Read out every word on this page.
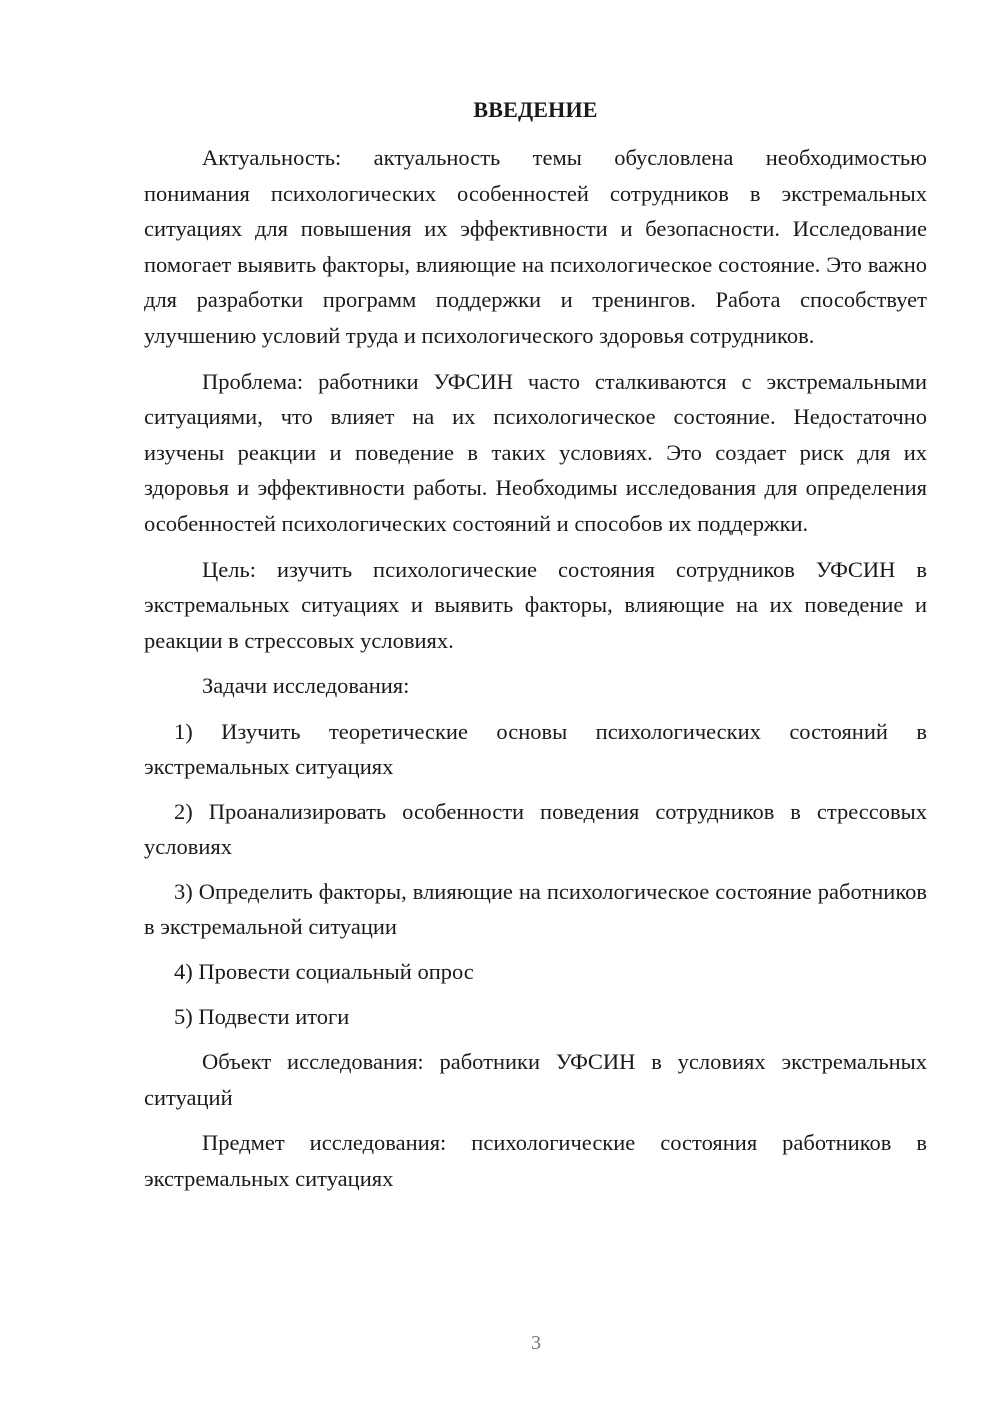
ВВЕДЕНИЕ

Актуальность: актуальность темы обусловлена необходимостью понимания психологических особенностей сотрудников в экстремальных ситуациях для повышения их эффективности и безопасности. Исследование помогает выявить факторы, влияющие на психологическое состояние. Это важно для разработки программ поддержки и тренингов. Работа способствует улучшению условий труда и психологического здоровья сотрудников.

Проблема: работники УФСИН часто сталкиваются с экстремальными ситуациями, что влияет на их психологическое состояние. Недостаточно изучены реакции и поведение в таких условиях. Это создает риск для их здоровья и эффективности работы. Необходимы исследования для определения особенностей психологических состояний и способов их поддержки.

Цель: изучить психологические состояния сотрудников УФСИН в экстремальных ситуациях и выявить факторы, влияющие на их поведение и реакции в стрессовых условиях.

Задачи исследования:

1) Изучить теоретические основы психологических состояний в экстремальных ситуациях

2) Проанализировать особенности поведения сотрудников в стрессовых условиях

3) Определить факторы, влияющие на психологическое состояние работников в экстремальной ситуации

4) Провести социальный опрос

5) Подвести итоги

Объект исследования: работники УФСИН в условиях экстремальных ситуаций

Предмет исследования: психологические состояния работников в экстремальных ситуациях

3
